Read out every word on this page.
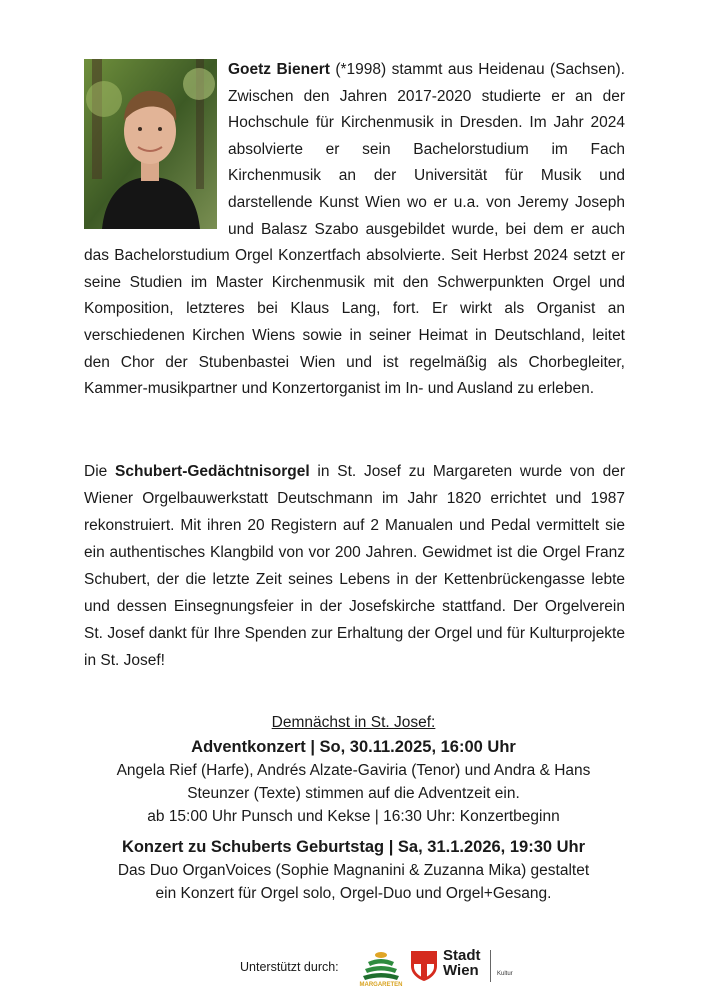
Goetz Bienert (*1998) stammt aus Heidenau (Sachsen). Zwischen den Jahren 2017-2020 studierte er an der Hochschule für Kirchenmusik in Dresden. Im Jahr 2024 absolvierte er sein Bachelorstudium im Fach Kirchenmusik an der Universität für Musik und darstellende Kunst Wien wo er u.a. von Jeremy Joseph und Balasz Szabo ausgebildet wurde, bei dem er auch das Bachelorstudium Orgel Konzertfach absolvierte. Seit Herbst 2024 setzt er seine Studien im Master Kirchenmusik mit den Schwerpunkten Orgel und Komposition, letzteres bei Klaus Lang, fort. Er wirkt als Organist an verschiedenen Kirchen Wiens sowie in seiner Heimat in Deutschland, leitet den Chor der Stubenbastei Wien und ist regelmäßig als Chorbegleiter, Kammer-musikpartner und Konzertorganist im In- und Ausland zu erleben.
Die Schubert-Gedächtnisorgel in St. Josef zu Margareten wurde von der Wiener Orgelbauwerkstatt Deutschmann im Jahr 1820 errichtet und 1987 rekonstruiert. Mit ihren 20 Registern auf 2 Manualen und Pedal vermittelt sie ein authentisches Klangbild von vor 200 Jahren. Gewidmet ist die Orgel Franz Schubert, der die letzte Zeit seines Lebens in der Kettenbrückengasse lebte und dessen Einsegnungsfeier in der Josefskirche stattfand. Der Orgelverein St. Josef dankt für Ihre Spenden zur Erhaltung der Orgel und für Kulturprojekte in St. Josef!
Demnächst in St. Josef:
Adventkonzert | So, 30.11.2025, 16:00 Uhr
Angela Rief (Harfe), Andrés Alzate-Gaviria (Tenor) und Andra & Hans
Steunzer (Texte) stimmen auf die Adventzeit ein.
ab 15:00 Uhr Punsch und Kekse | 16:30 Uhr: Konzertbeginn
Konzert zu Schuberts Geburtstag | Sa, 31.1.2026, 19:30 Uhr
Das Duo OrganVoices (Sophie Magnanini & Zuzanna Mika) gestaltet
ein Konzert für Orgel solo, Orgel-Duo und Orgel+Gesang.
Unterstützt durch:
MARGARETEN
Stadt
Wien	Kultur
